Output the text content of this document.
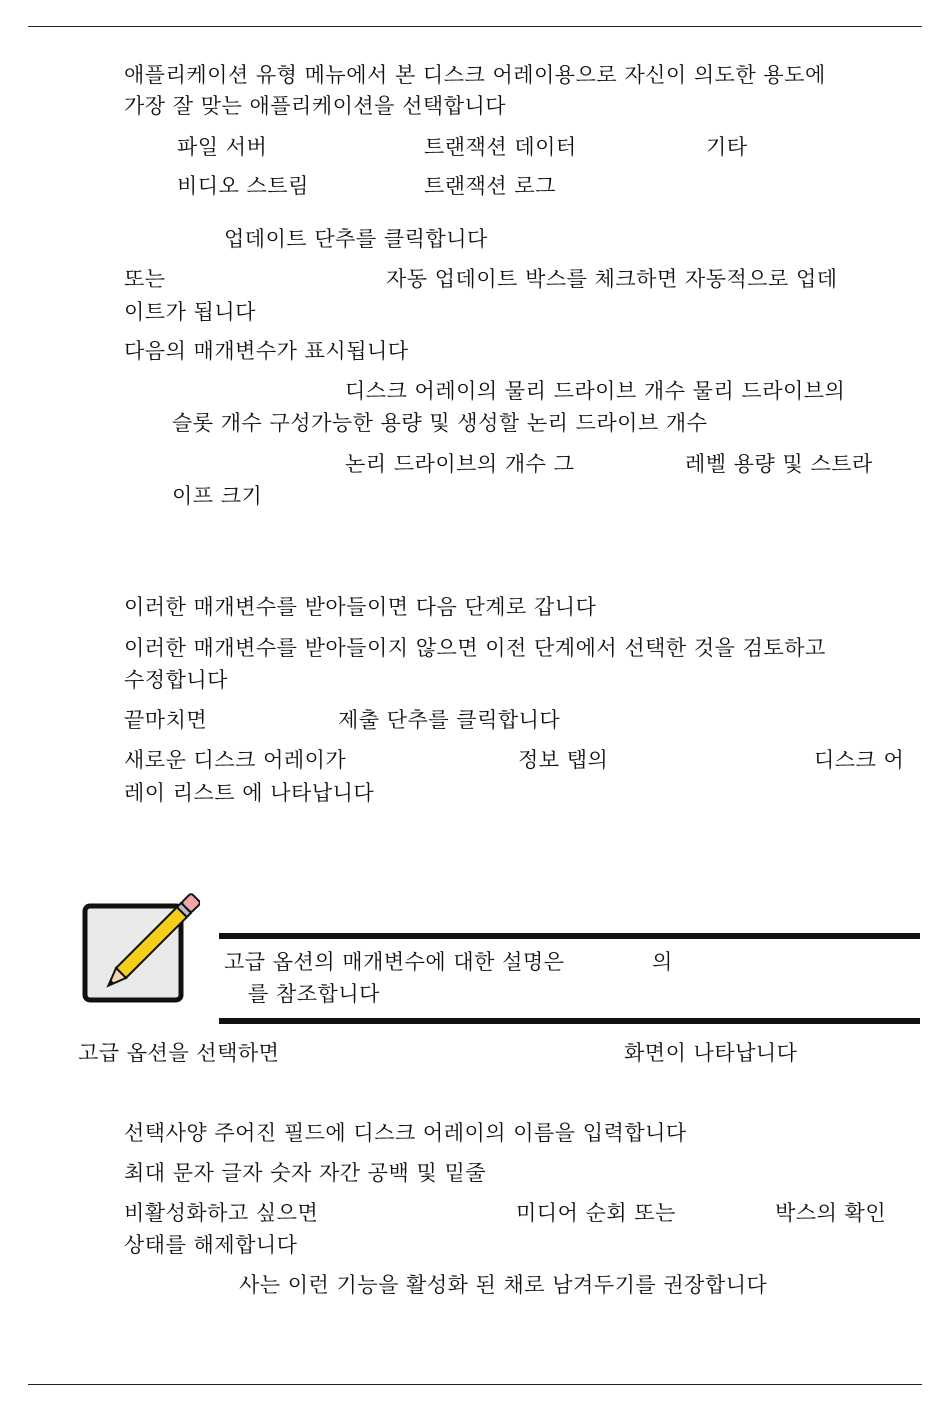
애플리케이션 유형 메뉴에서 본 디스크 어레이용으로 자신이 의도한 용도에
가장 잘 맞는 애플리케이션을 선택합니다
파일 서버	트랜잭션 데이터	기타
비디오 스트림	트랜잭션 로그
업데이트 단추를 클릭합니다
또는	자동 업데이트 박스를 체크하면 자동적으로 업데
이트가 됩니다
다음의 매개변수가 표시됩니다
디스크 어레이의 물리 드라이브 개수 물리 드라이브의
슬롯 개수 구성가능한 용량 및 생성할 논리 드라이브 개수
논리 드라이브의 개수 그	레벨 용량 및 스트라
이프 크기
이러한 매개변수를 받아들이면 다음 단계로 갑니다
이러한 매개변수를 받아들이지 않으면 이전 단계에서 선택한 것을 검토하고
수정합니다
끝마치면	제출 단추를 클릭합니다
새로운 디스크 어레이가	정보 탭의	디스크 어
레이 리스트 에 나타납니다
고급 옵션의 매개변수에 대한 설명은	의
를 참조합니다
고급 옵션을 선택하면	화면이 나타납니다
선택사양 주어진 필드에 디스크 어레이의 이름을 입력합니다
최대 문자 글자 숫자 자간 공백 및 밑줄
비활성화하고 싶으면	미디어 순회 또는	박스의 확인
상태를 해제합니다
사는 이런 기능을 활성화 된 채로 남겨두기를 권장합니다
